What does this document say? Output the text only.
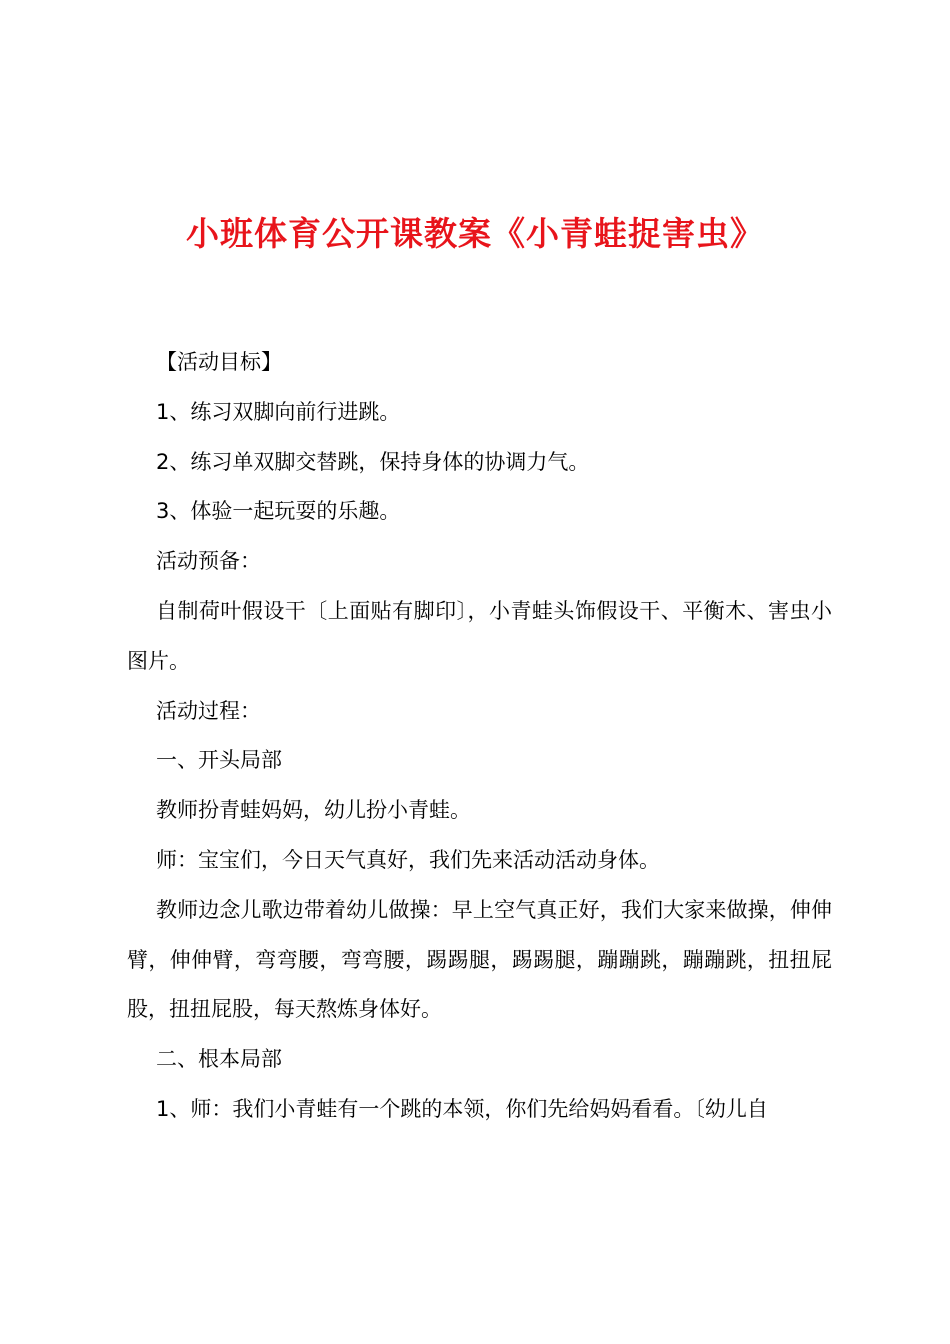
小班体育公开课教案《小青蛙捉害虫》

【活动目标】

1、练习双脚向前行进跳。

2、练习单双脚交替跳，保持身体的协调力气。

3、体验一起玩耍的乐趣。

活动预备：

自制荷叶假设干〔上面贴有脚印〕，小青蛙头饰假设干、平衡木、害虫小图片。

活动过程：

一、开头局部

教师扮青蛙妈妈，幼儿扮小青蛙。

师：宝宝们，今日天气真好，我们先来活动活动身体。

教师边念儿歌边带着幼儿做操：早上空气真正好，我们大家来做操，伸伸臂，伸伸臂，弯弯腰，弯弯腰，踢踢腿，踢踢腿，蹦蹦跳，蹦蹦跳，扭扭屁股，扭扭屁股，每天熬炼身体好。

二、根本局部

1、师：我们小青蛙有一个跳的本领，你们先给妈妈看看。〔幼儿自
